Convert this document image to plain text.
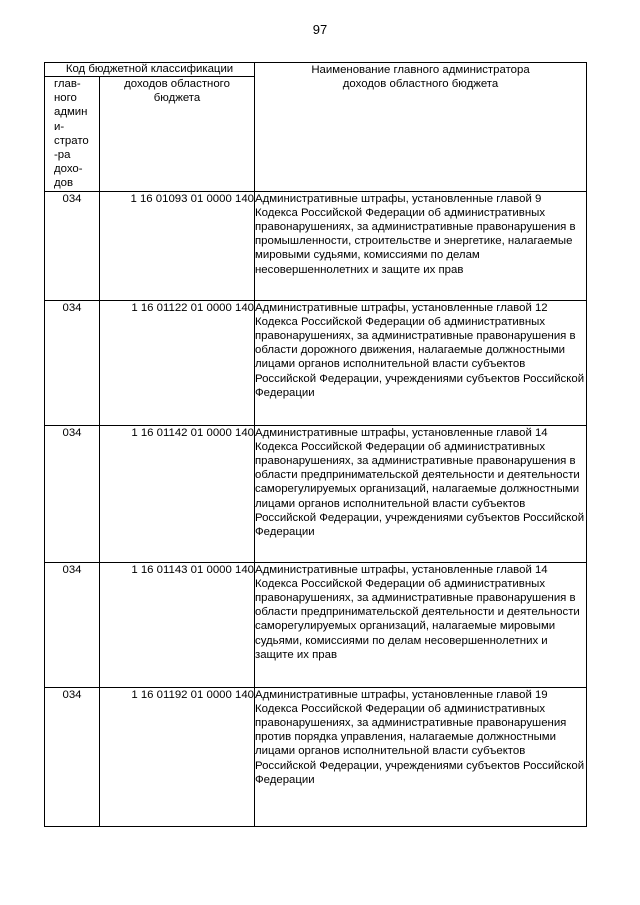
97
Код бюджетной классификации		Наименование главного администратора доходов областного бюджета

глав-ного админи-страто-ра дохо-дов	доходов областного бюджета	

034	1 16 01093 01 0000 140	Административные штрафы, установленные главой 9 Кодекса Российской Федерации об административных правонарушениях, за административные правонарушения в промышленности, строительстве и энергетике, налагаемые мировыми судьями, комиссиями по делам несовершеннолетних и защите их прав
034	1 16 01122 01 0000 140	Административные штрафы, установленные главой 12 Кодекса Российской Федерации об административных правонарушениях, за административные правонарушения в области дорожного движения, налагаемые должностными лицами органов исполнительной власти субъектов Российской Федерации, учреждениями субъектов Российской Федерации
034	1 16 01142 01 0000 140	Административные штрафы, установленные главой 14 Кодекса Российской Федерации об административных правонарушениях, за административные правонарушения в области предпринимательской деятельности и деятельности саморегулируемых организаций, налагаемые должностными лицами органов исполнительной власти субъектов Российской Федерации, учреждениями субъектов Российской Федерации
034	1 16 01143 01 0000 140	Административные штрафы, установленные главой 14 Кодекса Российской Федерации об административных правонарушениях, за административные правонарушения в области предпринимательской деятельности и деятельности саморегулируемых организаций, налагаемые мировыми судьями, комиссиями по делам несовершеннолетних и защите их прав
034	1 16 01192 01 0000 140	Административные штрафы, установленные главой 19 Кодекса Российской Федерации об административных правонарушениях, за административные правонарушения против порядка управления, налагаемые должностными лицами органов исполнительной власти субъектов Российской Федерации, учреждениями субъектов Российской Федерации
